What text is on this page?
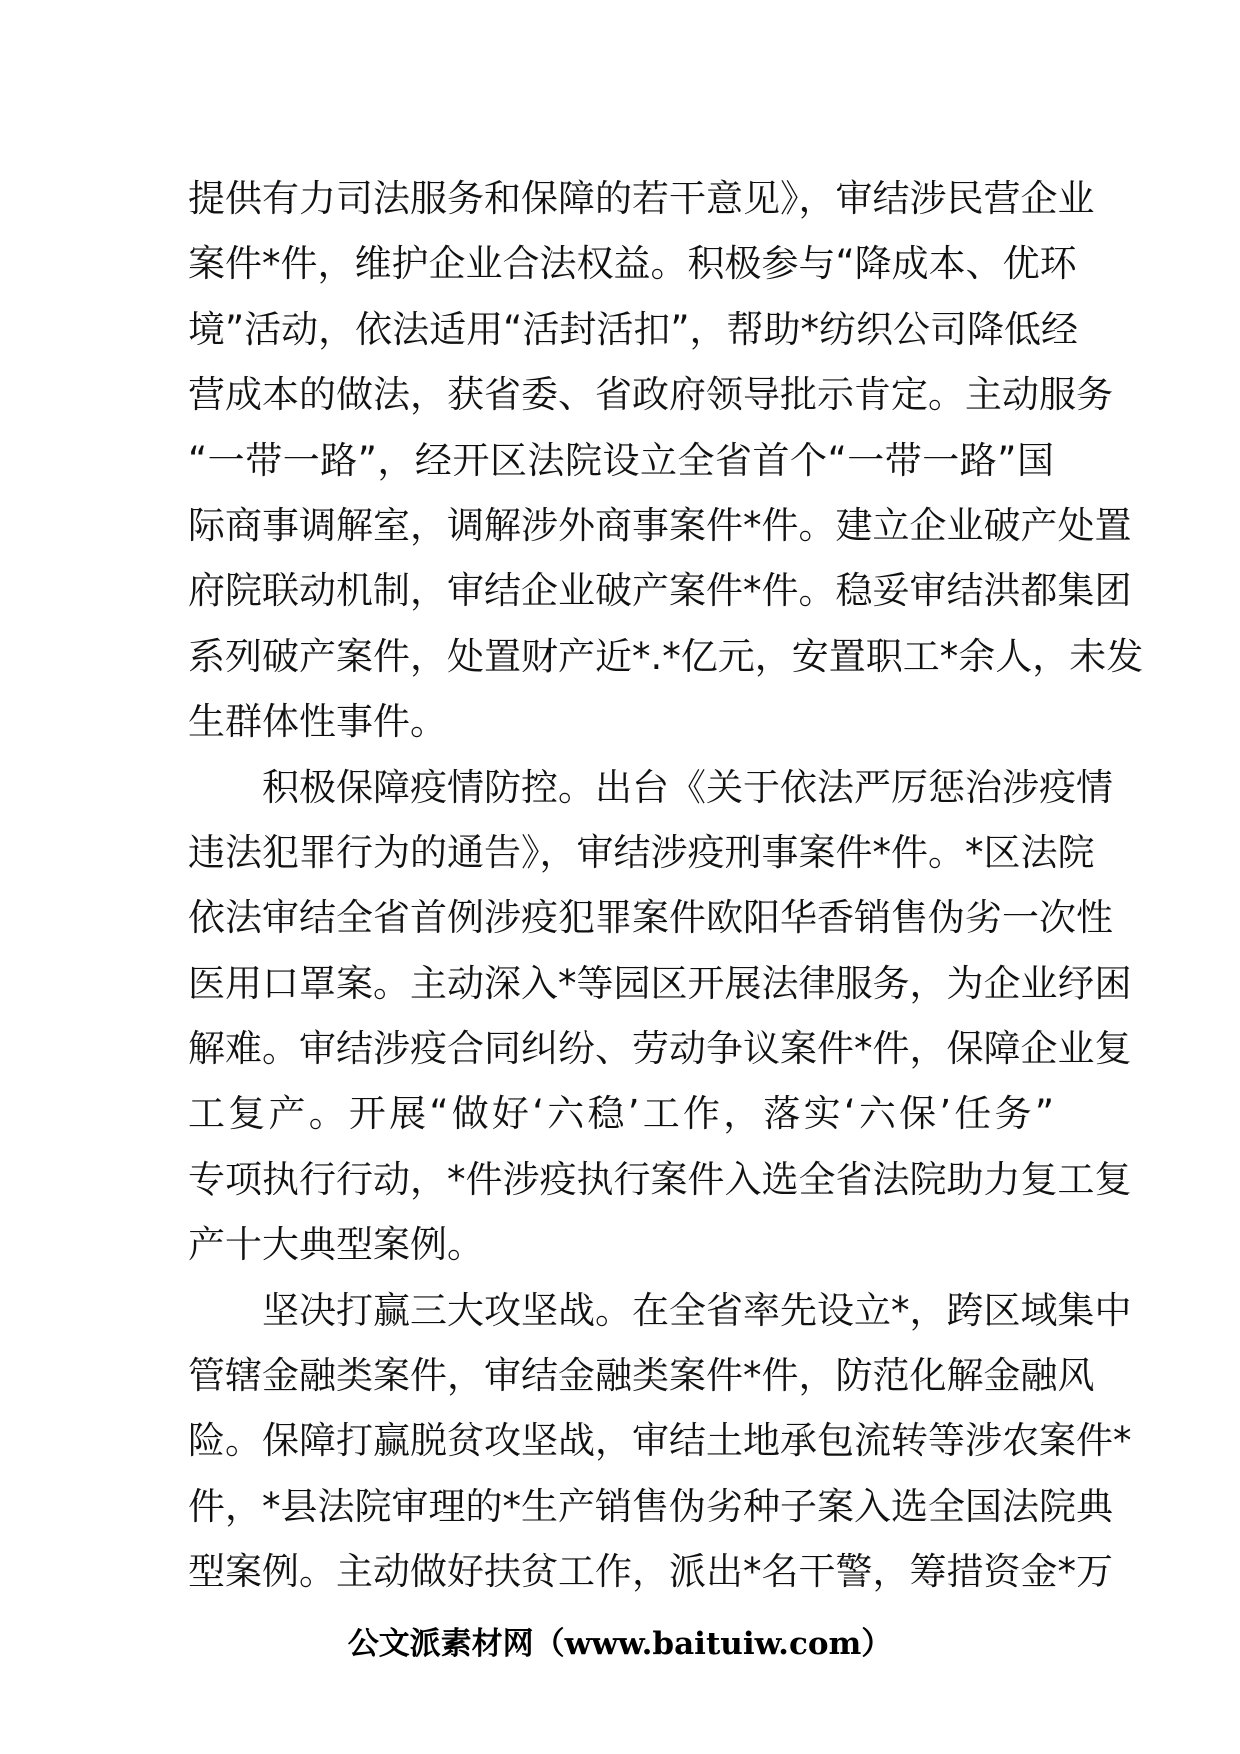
提供有力司法服务和保障的若干意见》，审结涉民营企业
案件*件，维护企业合法权益。积极参与“降成本、优环
境”活动，依法适用“活封活扣”，帮助*纺织公司降低经
营成本的做法，获省委、省政府领导批示肯定。主动服务
“一带一路”，经开区法院设立全省首个“一带一路”国
际商事调解室，调解涉外商事案件*件。建立企业破产处置
府院联动机制，审结企业破产案件*件。稳妥审结洪都集团
系列破产案件，处置财产近*.*亿元，安置职工*余人，未发
生群体性事件。
积极保障疫情防控。出台《关于依法严厉惩治涉疫情
违法犯罪行为的通告》，审结涉疫刑事案件*件。*区法院
依法审结全省首例涉疫犯罪案件欧阳华香销售伪劣一次性
医用口罩案。主动深入*等园区开展法律服务，为企业纾困
解难。审结涉疫合同纠纷、劳动争议案件*件，保障企业复
工复产。开展“做好‘六稳’工作，落实‘六保’任务”
专项执行行动，*件涉疫执行案件入选全省法院助力复工复
产十大典型案例。
坚决打赢三大攻坚战。在全省率先设立*，跨区域集中
管辖金融类案件，审结金融类案件*件，防范化解金融风
险。保障打赢脱贫攻坚战，审结土地承包流转等涉农案件*
件，*县法院审理的*生产销售伪劣种子案入选全国法院典
型案例。主动做好扶贫工作，派出*名干警，筹措资金*万
公文派素材网（www.baituiw.com）
